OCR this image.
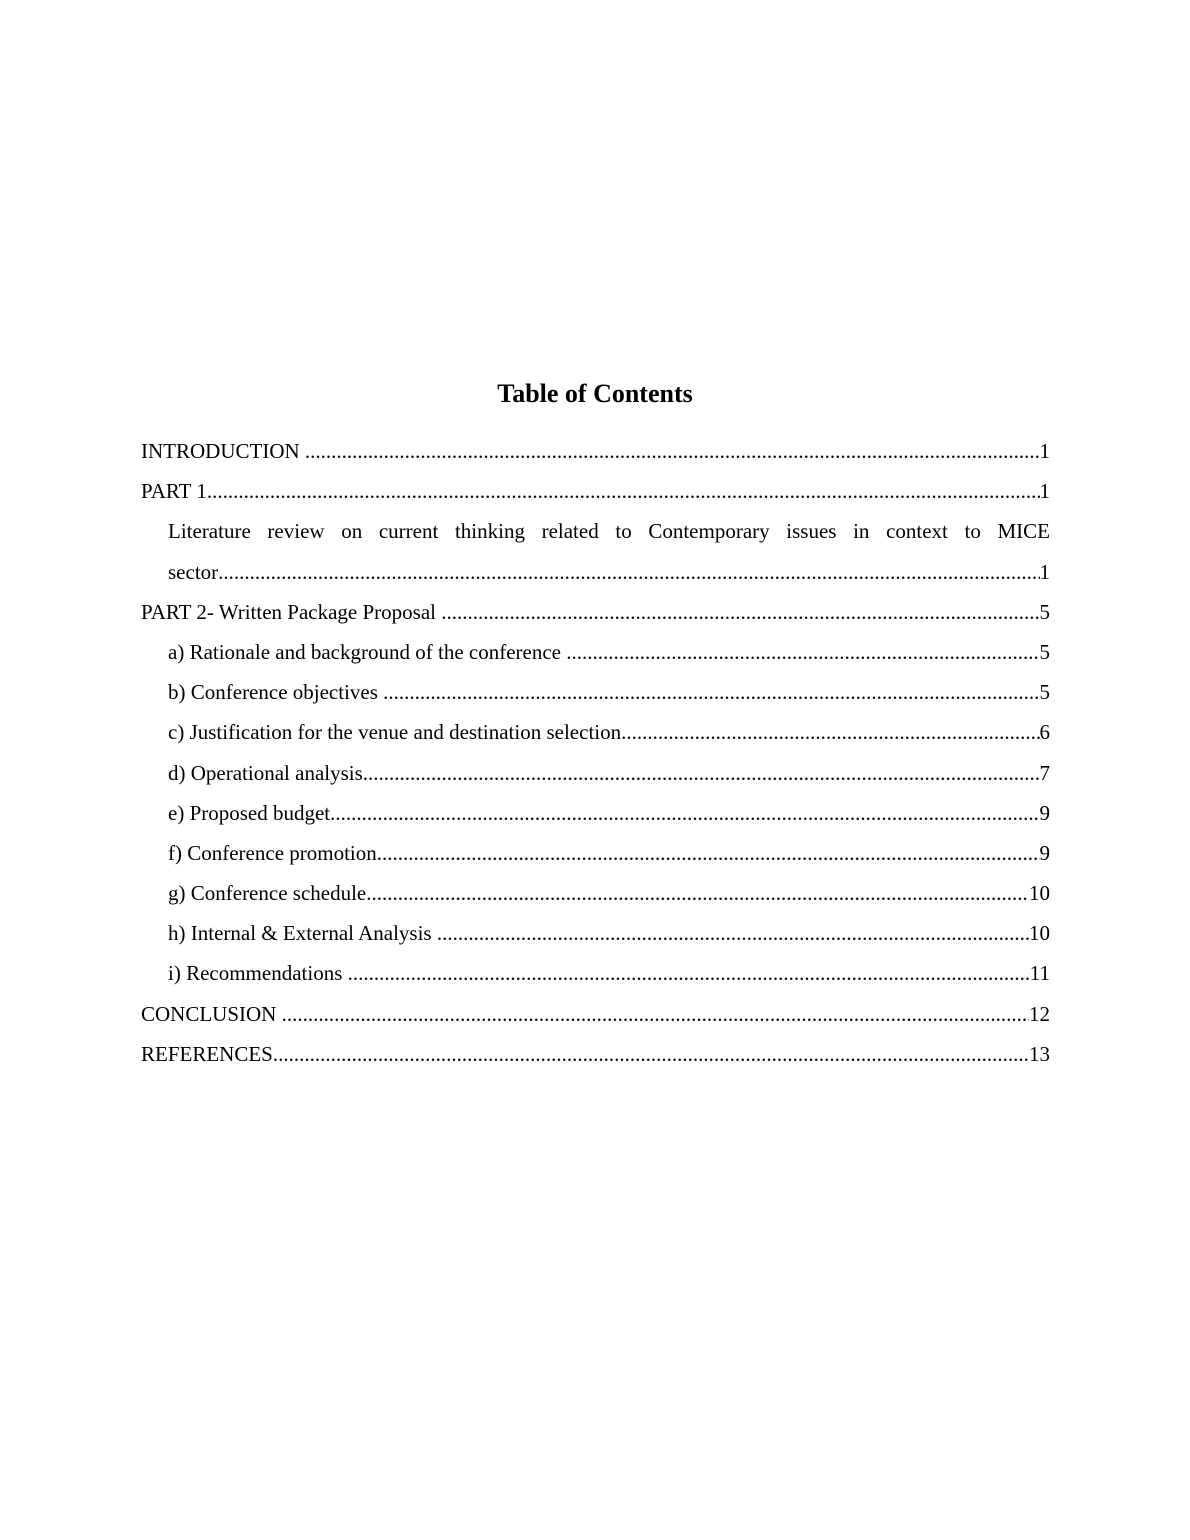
Table of Contents
INTRODUCTION .....	1
PART 1 .....	1
Literature review on current thinking related to Contemporary issues in context to MICE
sector .....	1
PART 2- Written Package Proposal .....	5
a) Rationale and background of the conference .....	5
b) Conference objectives .....	5
c) Justification for the venue and destination selection .....	6
d) Operational analysis .....	7
e) Proposed budget .....	9
f) Conference promotion .....	9
g) Conference schedule .....	10
h) Internal & External Analysis .....	10
i) Recommendations .....	11
CONCLUSION .....	12
REFERENCES .....	13
